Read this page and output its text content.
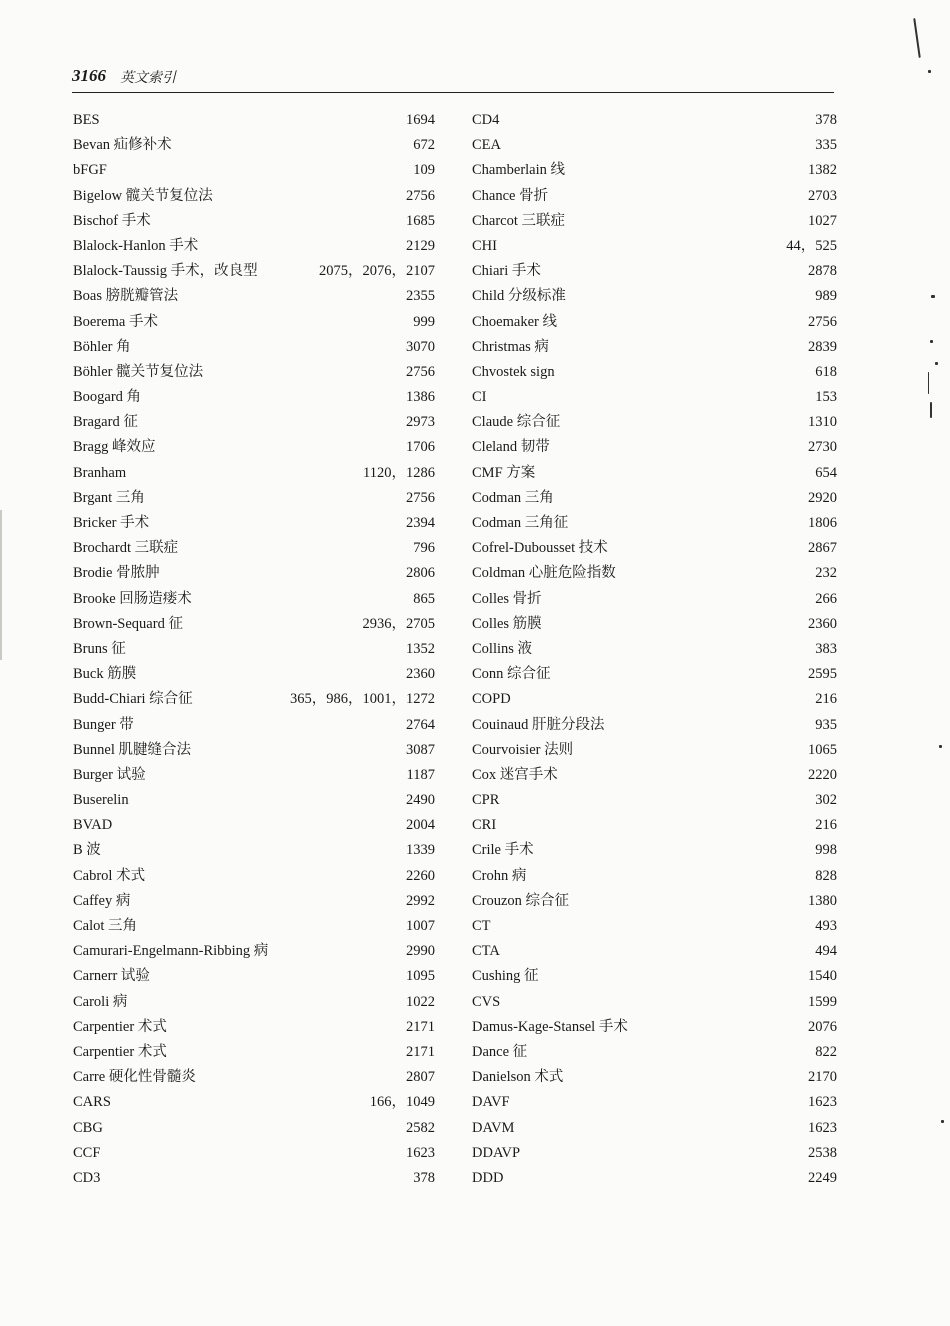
3166 英文索引
BES	1694
Bevan 疝修补术	672
bFGF	109
Bigelow 髋关节复位法	2756
Bischof 手术	1685
Blalock-Hanlon 手术	2129
Blalock-Taussig 手术，改良型	2075，2076，2107
Boas 膀胱瓣管法	2355
Boerema 手术	999
Böhler 角	3070
Böhler 髋关节复位法	2756
Boogard 角	1386
Bragard 征	2973
Bragg 峰效应	1706
Branham	1120，1286
Brgant 三角	2756
Bricker 手术	2394
Brochardt 三联症	796
Brodie 骨脓肿	2806
Brooke 回肠造瘘术	865
Brown-Sequard 征	2936，2705
Bruns 征	1352
Buck 筋膜	2360
Budd-Chiari 综合征	365，986，1001，1272
Bunger 带	2764
Bunnel 肌腱缝合法	3087
Burger 试验	1187
Buserelin	2490
BVAD	2004
B 波	1339
Cabrol 术式	2260
Caffey 病	2992
Calot 三角	1007
Camurari-Engelmann-Ribbing 病	2990
Carnerr 试验	1095
Caroli 病	1022
Carpentier 术式	2171
Carpentier 术式	2171
Carre 硬化性骨髓炎	2807
CARS	166，1049
CBG	2582
CCF	1623
CD3	378
CD4	378
CEA	335
Chamberlain 线	1382
Chance 骨折	2703
Charcot 三联症	1027
CHI	44，525
Chiari 手术	2878
Child 分级标准	989
Choemaker 线	2756
Christmas 病	2839
Chvostek sign	618
CI	153
Claude 综合征	1310
Cleland 韧带	2730
CMF 方案	654
Codman 三角	2920
Codman 三角征	1806
Cofrel-Dubousset 技术	2867
Coldman 心脏危险指数	232
Colles 骨折	266
Colles 筋膜	2360
Collins 液	383
Conn 综合征	2595
COPD	216
Couinaud 肝脏分段法	935
Courvoisier 法则	1065
Cox 迷宫手术	2220
CPR	302
CRI	216
Crile 手术	998
Crohn 病	828
Crouzon 综合征	1380
CT	493
CTA	494
Cushing 征	1540
CVS	1599
Damus-Kage-Stansel 手术	2076
Dance 征	822
Danielson 术式	2170
DAVF	1623
DAVM	1623
DDAVP	2538
DDD	2249
